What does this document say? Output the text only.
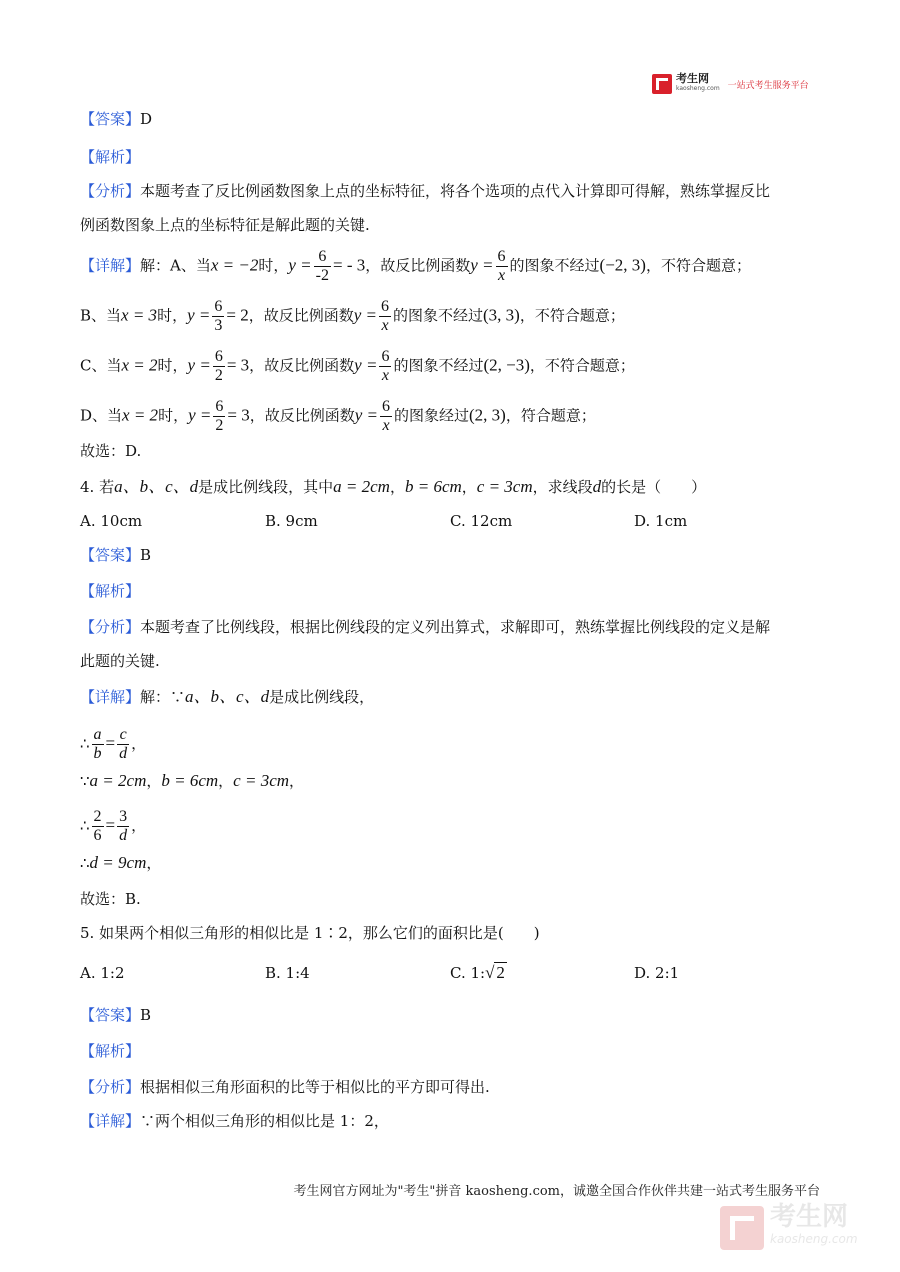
考生网
kaosheng.com 一站式考生服务平台
【答案】D
【解析】
【分析】本题考查了反比例函数图象上点的坐标特征，将各个选项的点代入计算即可得解，熟练掌握反比
例函数图象上点的坐标特征是解此题的关键.
【详解】解：A、当x = −2时，$y = \frac{6}{-2}$ = - 3，故反比例函数$y = \frac{6}{x}$ 的图象不经过(−2, 3)，不符合题意；
B、当x = 3时，$y = \frac{6}{3} = 2$，故反比例函数$y = \frac{6}{x}$ 的图象不经过(3, 3)，不符合题意；
C、当x = 2时，$y = \frac{6}{2} = 3$，故反比例函数$y = \frac{6}{x}$ 的图象不经过(2, −3)，不符合题意；
D、当x = 2时，$y = \frac{6}{2} = 3$，故反比例函数$y = \frac{6}{x}$ 的图象经过(2, 3)，符合题意；
故选：D.
4. 若a、b、c、d是成比例线段，其中a = 2cm，b = 6cm，c = 3cm，求线段d的长是（　　）
A. 10cm	B. 9cm	C. 12cm	D. 1cm
【答案】B
【解析】
【分析】本题考查了比例线段，根据比例线段的定义列出算式，求解即可，熟练掌握比例线段的定义是解
此题的关键.
【详解】解：∵a、b、c、d是成比例线段，
∴ $\frac{a}{b} = \frac{c}{d}$ ，
∵a = 2cm，b = 6cm，c = 3cm，
∴ $\frac{2}{6} = \frac{3}{d}$ ，
∴d = 9cm，
故选：B.
5. 如果两个相似三角形的相似比是 1∶2，那么它们的面积比是(　　)
A. 1:2	B. 1:4	C. 1:√ 2	D. 2:1
【答案】B
【解析】
【分析】根据相似三角形面积的比等于相似比的平方即可得出.
【详解】∵两个相似三角形的相似比是 1：2，
考生网官方网址为"考生"拼音 kaosheng.com，诚邀全国合作伙伴共建一站式考生服务平台
考生网
kaosheng.com
